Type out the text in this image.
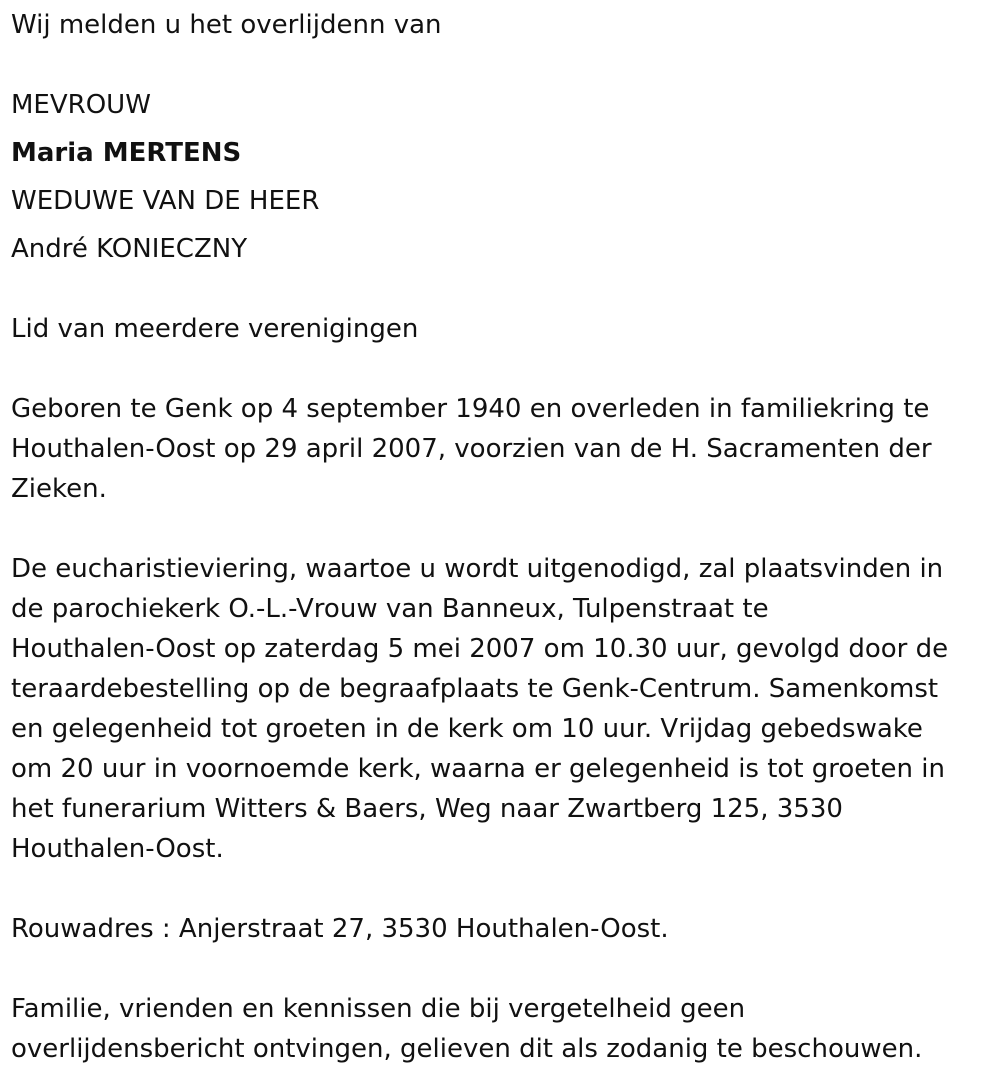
Wij melden u het overlijdenn van
MEVROUW
Maria MERTENS
WEDUWE VAN DE HEER
André KONIECZNY
Lid van meerdere verenigingen
Geboren te Genk op 4 september 1940 en overleden in familiekring te
Houthalen-Oost op 29 april 2007, voorzien van de H. Sacramenten der
Zieken.
De eucharistieviering, waartoe u wordt uitgenodigd, zal plaatsvinden in
de parochiekerk O.-L.-Vrouw van Banneux, Tulpenstraat te
Houthalen-Oost op zaterdag 5 mei 2007 om 10.30 uur, gevolgd door de
teraardebestelling op de begraafplaats te Genk-Centrum. Samenkomst
en gelegenheid tot groeten in de kerk om 10 uur. Vrijdag gebedswake
om 20 uur in voornoemde kerk, waarna er gelegenheid is tot groeten in
het funerarium Witters & Baers, Weg naar Zwartberg 125, 3530
Houthalen-Oost.
Rouwadres : Anjerstraat 27, 3530 Houthalen-Oost.
Familie, vrienden en kennissen die bij vergetelheid geen
overlijdensbericht ontvingen, gelieven dit als zodanig te beschouwen.
